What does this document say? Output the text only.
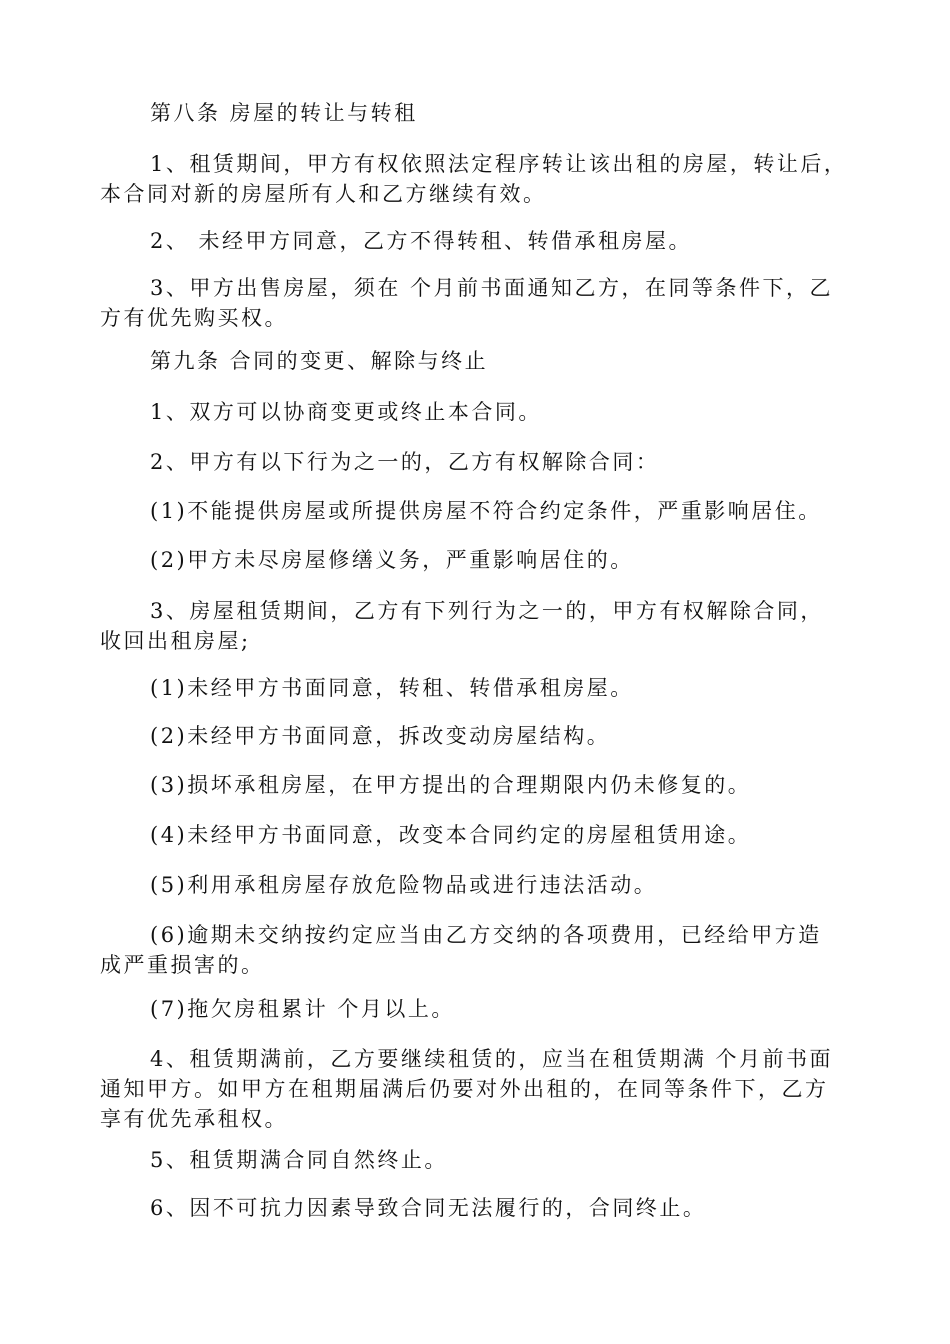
第八条 房屋的转让与转租

1、租赁期间，甲方有权依照法定程序转让该出租的房屋，转让后，
本合同对新的房屋所有人和乙方继续有效。

2、 未经甲方同意，乙方不得转租、转借承租房屋。

3、甲方出售房屋，须在 个月前书面通知乙方，在同等条件下，乙
方有优先购买权。

第九条 合同的变更、解除与终止

1、双方可以协商变更或终止本合同。

2、甲方有以下行为之一的，乙方有权解除合同：

(1)不能提供房屋或所提供房屋不符合约定条件，严重影响居住。

(2)甲方未尽房屋修缮义务，严重影响居住的。

3、房屋租赁期间，乙方有下列行为之一的，甲方有权解除合同，
收回出租房屋;

(1)未经甲方书面同意，转租、转借承租房屋。

(2)未经甲方书面同意，拆改变动房屋结构。

(3)损坏承租房屋，在甲方提出的合理期限内仍未修复的。

(4)未经甲方书面同意，改变本合同约定的房屋租赁用途。

(5)利用承租房屋存放危险物品或进行违法活动。

(6)逾期未交纳按约定应当由乙方交纳的各项费用，已经给甲方造
成严重损害的。

(7)拖欠房租累计 个月以上。

4、租赁期满前，乙方要继续租赁的，应当在租赁期满 个月前书面
通知甲方。如甲方在租期届满后仍要对外出租的，在同等条件下，乙方
享有优先承租权。

5、租赁期满合同自然终止。

6、因不可抗力因素导致合同无法履行的，合同终止。
